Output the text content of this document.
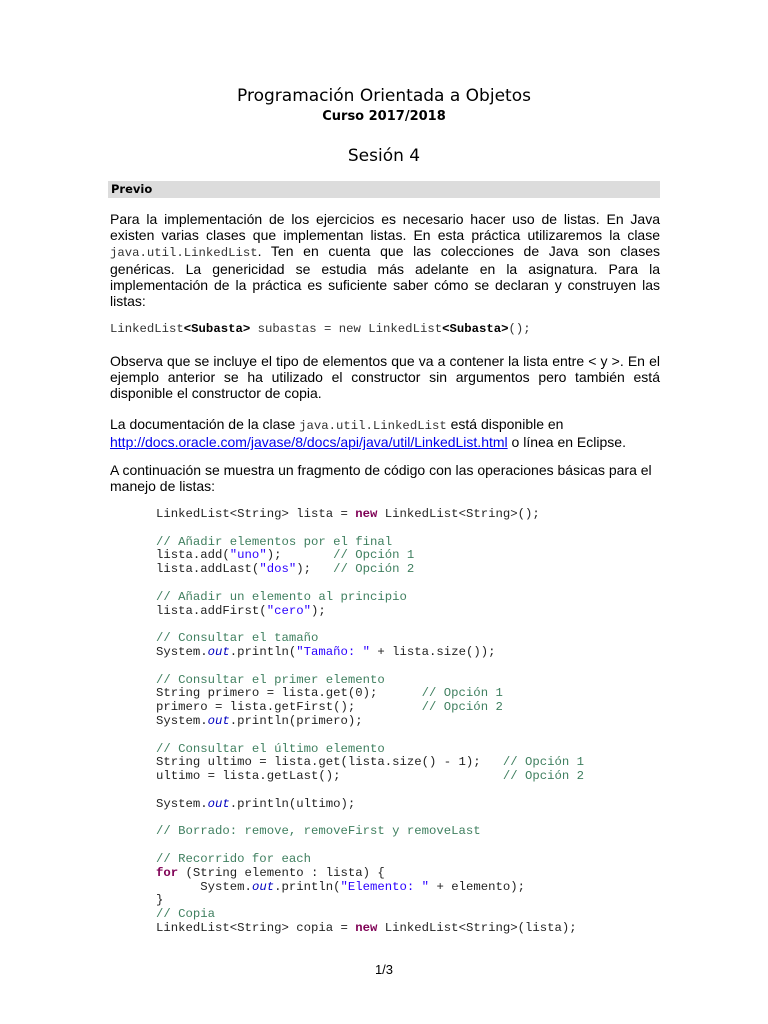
Programación Orientada a Objetos
Curso 2017/2018
Sesión 4
Previo

Para la implementación de los ejercicios es necesario hacer uso de listas. En Java existen varias clases que implementan listas. En esta práctica utilizaremos la clase java.util.LinkedList. Ten en cuenta que las colecciones de Java son clases genéricas. La genericidad se estudia más adelante en la asignatura. Para la implementación de la práctica es suficiente saber cómo se declaran y construyen las listas:

LinkedList<Subasta> subastas = new LinkedList<Subasta>();

Observa que se incluye el tipo de elementos que va a contener la lista entre < y >. En el ejemplo anterior se ha utilizado el constructor sin argumentos pero también está disponible el constructor de copia.

La documentación de la clase java.util.LinkedList está disponible en
http://docs.oracle.com/javase/8/docs/api/java/util/LinkedList.html o línea en Eclipse.

A continuación se muestra un fragmento de código con las operaciones básicas para el manejo de listas:

LinkedList<String> lista = new LinkedList<String>();
// Añadir elementos por el final
lista.add("uno");       // Opción 1
lista.addLast("dos");   // Opción 2
// Añadir un elemento al principio
lista.addFirst("cero");
// Consultar el tamaño
System.out.println("Tamaño: " + lista.size());
// Consultar el primer elemento
String primero = lista.get(0);      // Opción 1
primero = lista.getFirst();         // Opción 2
System.out.println(primero);
// Consultar el último elemento
String ultimo = lista.get(lista.size() - 1);   // Opción 1
ultimo = lista.getLast();                      // Opción 2
System.out.println(ultimo);
// Borrado: remove, removeFirst y removeLast
// Recorrido for each
for (String elemento : lista) {
System.out.println("Elemento: " + elemento);
}
// Copia
LinkedList<String> copia = new LinkedList<String>(lista);
1/3
